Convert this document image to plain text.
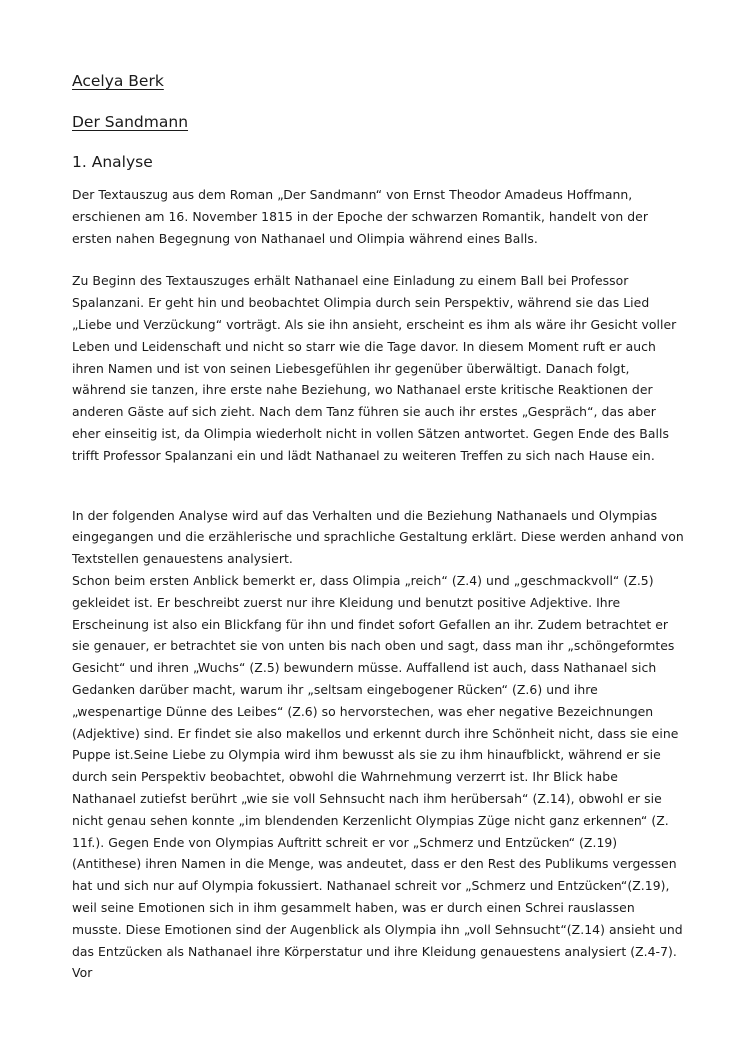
Acelya Berk
Der Sandmann
1. Analyse

Der Textauszug aus dem Roman „Der Sandmann“ von Ernst Theodor Amadeus Hoffmann, erschienen am 16. November 1815 in der Epoche der schwarzen Romantik, handelt von der ersten nahen Begegnung von Nathanael und Olimpia während eines Balls.

Zu Beginn des Textauszuges erhält Nathanael eine Einladung zu einem Ball bei Professor Spalanzani. Er geht hin und beobachtet Olimpia durch sein Perspektiv, während sie das Lied „Liebe und Verzückung“ vorträgt. Als sie ihn ansieht, erscheint es ihm als wäre ihr Gesicht voller Leben und Leidenschaft und nicht so starr wie die Tage davor. In diesem Moment ruft er auch ihren Namen und ist von seinen Liebesgefühlen ihr gegenüber überwältigt. Danach folgt, während sie tanzen, ihre erste nahe Beziehung, wo Nathanael erste kritische Reaktionen der anderen Gäste auf sich zieht. Nach dem Tanz führen sie auch ihr erstes „Gespräch“, das aber eher einseitig ist, da Olimpia wiederholt nicht in vollen Sätzen antwortet. Gegen Ende des Balls trifft Professor Spalanzani ein und lädt Nathanael zu weiteren Treffen zu sich nach Hause ein.

In der folgenden Analyse wird auf das Verhalten und die Beziehung Nathanaels und Olympias eingegangen und die erzählerische und sprachliche Gestaltung erklärt. Diese werden anhand von Textstellen genauestens analysiert.

Schon beim ersten Anblick bemerkt er, dass Olimpia „reich“ (Z.4) und „geschmackvoll“ (Z.5) gekleidet ist. Er beschreibt zuerst nur ihre Kleidung und benutzt positive Adjektive. Ihre Erscheinung ist also ein Blickfang für ihn und findet sofort Gefallen an ihr. Zudem betrachtet er sie genauer, er betrachtet sie von unten bis nach oben und sagt, dass man ihr „schöngeformtes Gesicht“ und ihren „Wuchs“ (Z.5) bewundern müsse. Auffallend ist auch, dass Nathanael sich Gedanken darüber macht, warum ihr „seltsam eingebogener Rücken“ (Z.6) und ihre „wespenartige Dünne des Leibes“ (Z.6) so hervorstechen, was eher negative Bezeichnungen (Adjektive) sind. Er findet sie also makellos und erkennt durch ihre Schönheit nicht, dass sie eine Puppe ist.Seine Liebe zu Olympia wird ihm bewusst als sie zu ihm hinaufblickt, während er sie durch sein Perspektiv beobachtet, obwohl die Wahrnehmung verzerrt ist. Ihr Blick habe Nathanael zutiefst berührt „wie sie voll Sehnsucht nach ihm herübersah“ (Z.14), obwohl er sie nicht genau sehen konnte „im blendenden Kerzenlicht Olympias Züge nicht ganz erkennen“ (Z. 11f.). Gegen Ende von Olympias Auftritt schreit er vor „Schmerz und Entzücken“ (Z.19) (Antithese) ihren Namen in die Menge, was andeutet, dass er den Rest des Publikums vergessen hat und sich nur auf Olympia fokussiert. Nathanael schreit vor „Schmerz und Entzücken“(Z.19), weil seine Emotionen sich in ihm gesammelt haben, was er durch einen Schrei rauslassen musste. Diese Emotionen sind der Augenblick als Olympia ihn „voll Sehnsucht“(Z.14) ansieht und das Entzücken als Nathanael ihre Körperstatur und ihre Kleidung genauestens analysiert (Z.4-7). Vor
